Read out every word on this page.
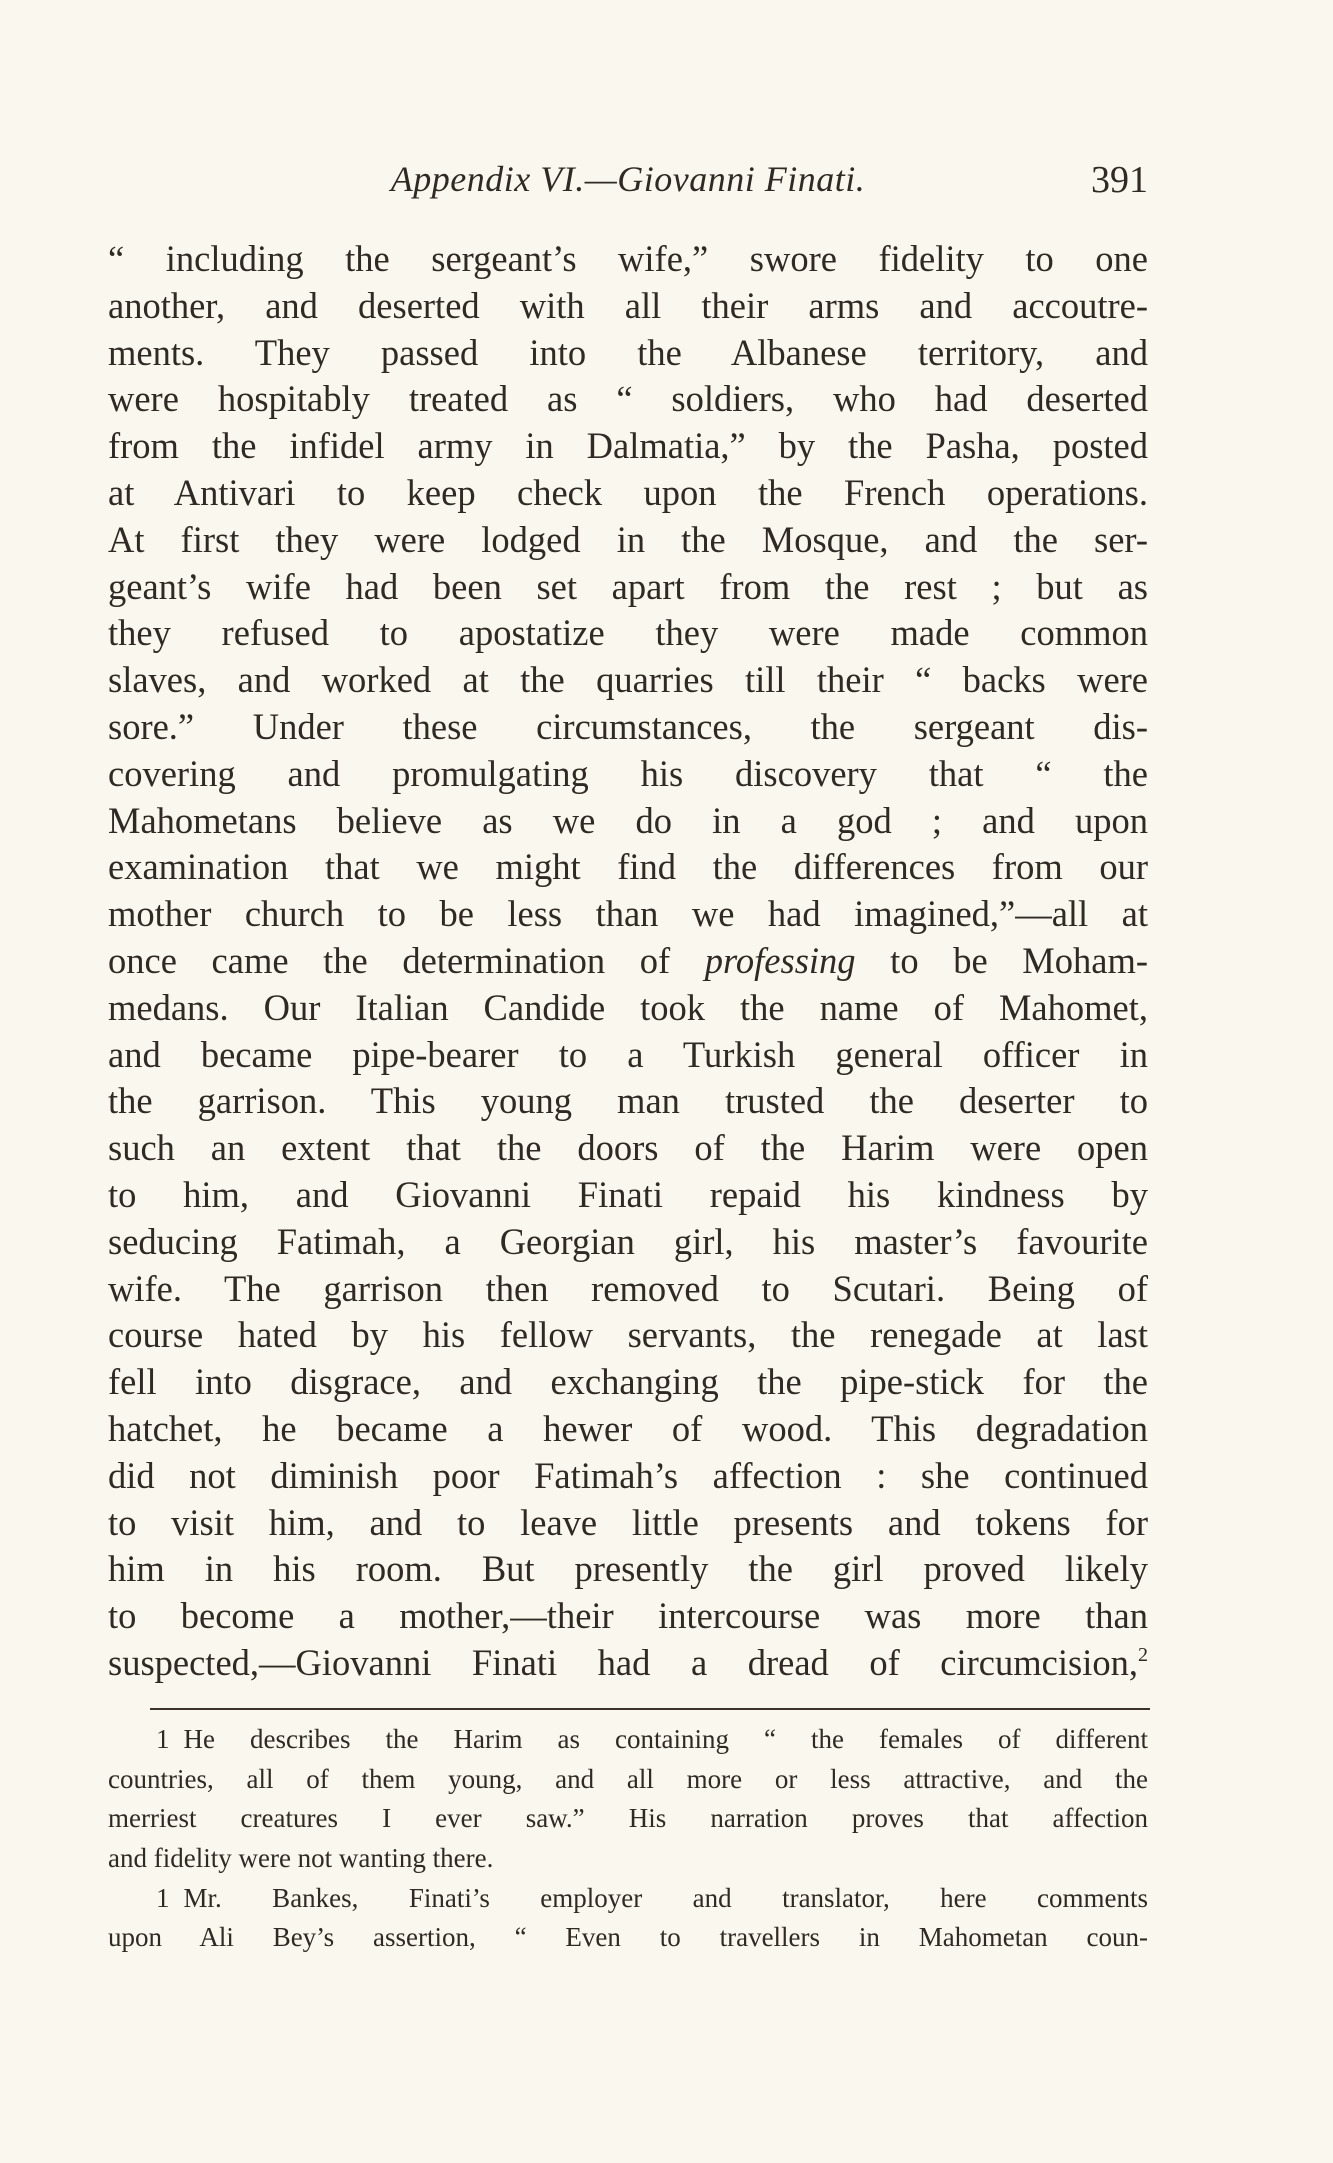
Appendix VI.—Giovanni Finati.	391
“ including the sergeant’s wife,” swore fidelity to one
another, and deserted with all their arms and accoutre-
ments. They passed into the Albanese territory, and
were hospitably treated as “ soldiers, who had deserted
from the infidel army in Dalmatia,” by the Pasha, posted
at Antivari to keep check upon the French operations.
At first they were lodged in the Mosque, and the ser-
geant’s wife had been set apart from the rest ; but as
they refused to apostatize they were made common
slaves, and worked at the quarries till their “ backs were
sore.” Under these circumstances, the sergeant dis-
covering and promulgating his discovery that “ the
Mahometans believe as we do in a god ; and upon
examination that we might find the differences from our
mother church to be less than we had imagined,”—all at
once came the determination of professing to be Moham-
medans. Our Italian Candide took the name of Mahomet,
and became pipe-bearer to a Turkish general officer in
the garrison. This young man trusted the deserter to
such an extent that the doors of the Harim were open
to him, and Giovanni Finati repaid his kindness by
seducing Fatimah, a Georgian girl, his master’s favourite
wife. The garrison then removed to Scutari. Being of
course hated by his fellow servants, the renegade at last
fell into disgrace, and exchanging the pipe-stick for the
hatchet, he became a hewer of wood. This degradation
did not diminish poor Fatimah’s affection : she continued
to visit him, and to leave little presents and tokens for
him in his room. But presently the girl proved likely
to become a mother,—their intercourse was more than
suspected,—Giovanni Finati had a dread of circumcision,$^2$
1 He describes the Harim as containing “ the females of different
countries, all of them young, and all more or less attractive, and the
merriest creatures I ever saw.” His narration proves that affection
and fidelity were not wanting there.
1 Mr. Bankes, Finati’s employer and translator, here comments
upon Ali Bey’s assertion, “ Even to travellers in Mahometan coun-
